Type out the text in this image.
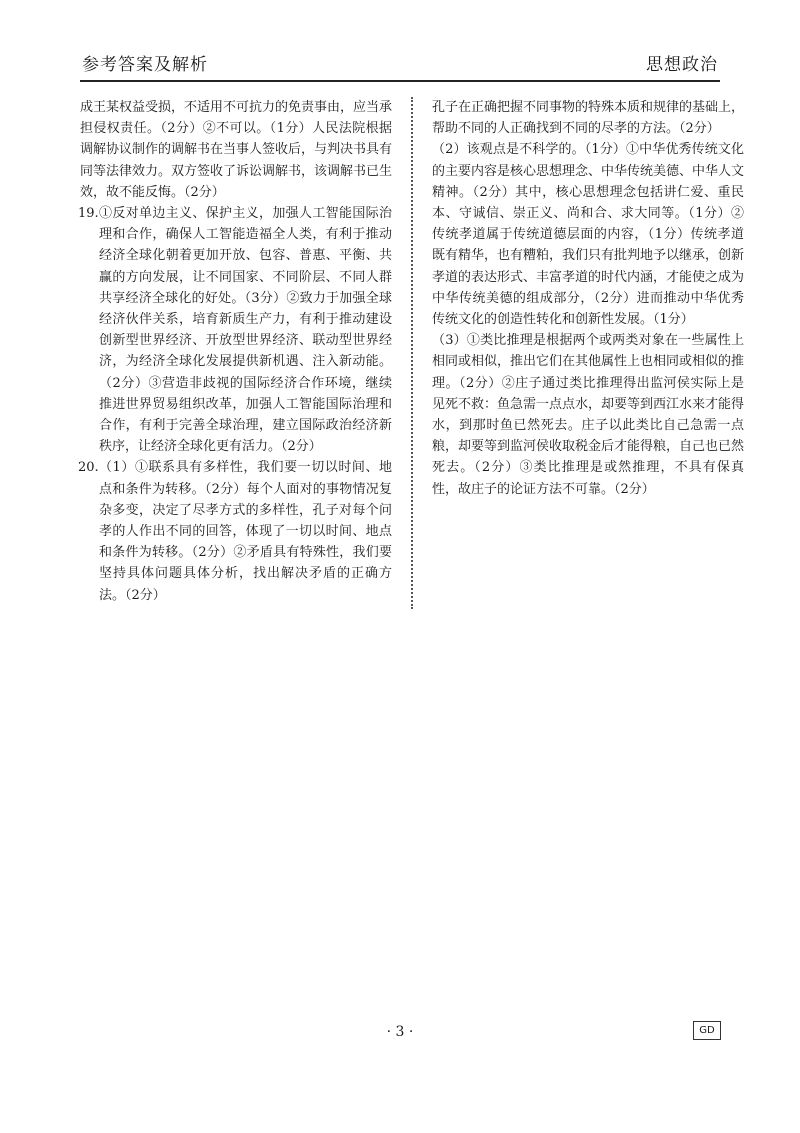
参考答案及解析	思想政治

成王某权益受损，不适用不可抗力的免责事由，应当承担侵权责任。（2分）②不可以。（1分）人民法院根据调解协议制作的调解书在当事人签收后，与判决书具有同等法律效力。双方签收了诉讼调解书，该调解书已生效，故不能反悔。（2分）

19. ①反对单边主义、保护主义，加强人工智能国际治理和合作，确保人工智能造福全人类，有利于推动经济全球化朝着更加开放、包容、普惠、平衡、共赢的方向发展，让不同国家、不同阶层、不同人群共享经济全球化的好处。（3分）②致力于加强全球经济伙伴关系，培育新质生产力，有利于推动建设创新型世界经济、开放型世界经济、联动型世界经济，为经济全球化发展提供新机遇、注入新动能。（2分）③营造非歧视的国际经济合作环境，继续推进世界贸易组织改革，加强人工智能国际治理和合作，有利于完善全球治理，建立国际政治经济新秩序，让经济全球化更有活力。（2分）

20. （1）①联系具有多样性，我们要一切以时间、地点和条件为转移。（2分）每个人面对的事物情况复杂多变，决定了尽孝方式的多样性，孔子对每个问孝的人作出不同的回答，体现了一切以时间、地点和条件为转移。（2分）②矛盾具有特殊性，我们要坚持具体问题具体分析，找出解决矛盾的正确方法。（2分）

孔子在正确把握不同事物的特殊本质和规律的基础上，帮助不同的人正确找到不同的尽孝的方法。（2分）

（2）该观点是不科学的。（1分）①中华优秀传统文化的主要内容是核心思想理念、中华传统美德、中华人文精神。（2分）其中，核心思想理念包括讲仁爱、重民本、守诚信、崇正义、尚和合、求大同等。（1分）②传统孝道属于传统道德层面的内容，（1分）传统孝道既有精华，也有糟粕，我们只有批判地予以继承，创新孝道的表达形式、丰富孝道的时代内涵，才能使之成为中华传统美德的组成部分，（2分）进而推动中华优秀传统文化的创造性转化和创新性发展。（1分）

（3）①类比推理是根据两个或两类对象在一些属性上相同或相似，推出它们在其他属性上也相同或相似的推理。（2分）②庄子通过类比推理得出监河侯实际上是见死不救：鱼急需一点点水，却要等到西江水来才能得水，到那时鱼已然死去。庄子以此类比自己急需一点粮，却要等到监河侯收取税金后才能得粮，自己也已然死去。（2分）③类比推理是或然推理，不具有保真性，故庄子的论证方法不可靠。（2分）

· 3 ·	GD
